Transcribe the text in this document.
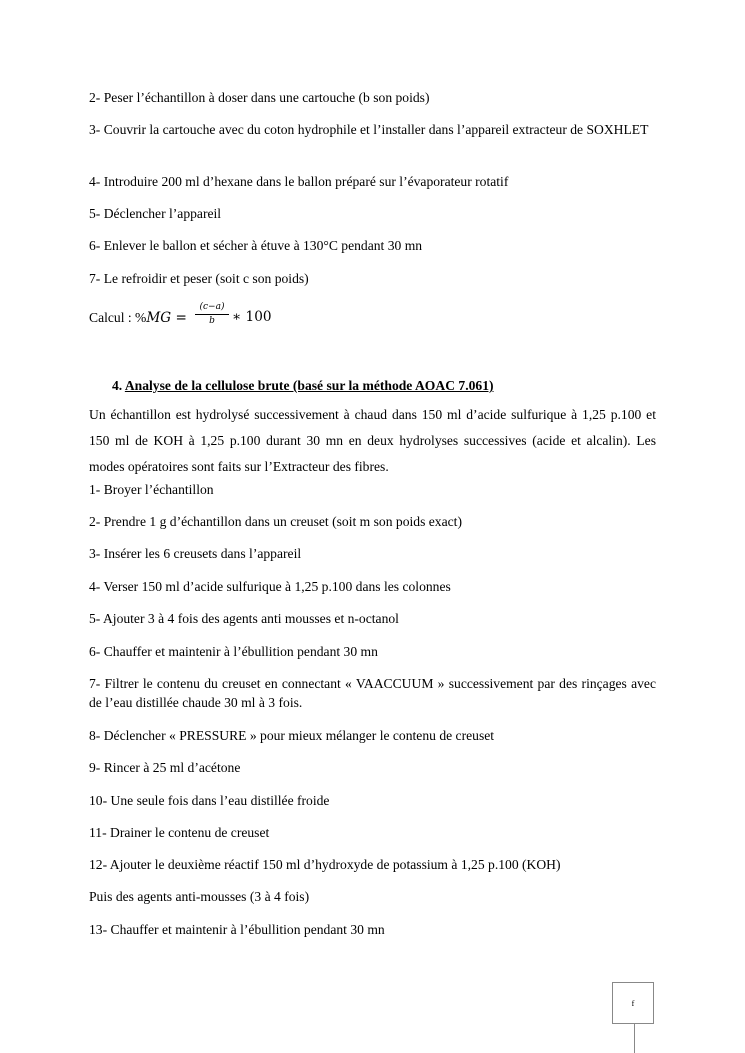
2- Peser l’échantillon à doser dans une cartouche (b son poids)

3- Couvrir la cartouche avec du coton hydrophile et l’installer dans l’appareil extracteur de SOXHLET

4- Introduire 200 ml d’hexane dans le ballon préparé sur l’évaporateur rotatif

5- Déclencher l’appareil

6- Enlever le ballon et sécher à étuve à 130°C pendant 30 mn

7- Le refroidir et peser (soit c son poids)

Calcul : $\%MG = \frac{(c-a)}{b}$ ∗ 100
4. Analyse de la cellulose brute (basé sur la méthode AOAC 7.061)

Un échantillon est hydrolysé successivement à chaud dans 150 ml d’acide sulfurique à 1,25 p.100 et 150 ml de KOH à 1,25 p.100 durant 30 mn en deux hydrolyses successives (acide et alcalin). Les modes opératoires sont faits sur l’Extracteur des fibres.

1- Broyer l’échantillon

2- Prendre 1 g d’échantillon dans un creuset (soit m son poids exact)

3- Insérer les 6 creusets dans l’appareil

4- Verser 150 ml d’acide sulfurique à 1,25 p.100 dans les colonnes

5- Ajouter 3 à 4 fois des agents anti mousses et n-octanol

6- Chauffer et maintenir à l’ébullition pendant 30 mn

7- Filtrer le contenu du creuset en connectant « VAACCUUM » successivement par des rinçages avec de l’eau distillée chaude 30 ml à 3 fois.

8- Déclencher « PRESSURE » pour mieux mélanger le contenu de creuset

9- Rincer à 25 ml d’acétone

10- Une seule fois dans l’eau distillée froide

11- Drainer le contenu de creuset

12- Ajouter le deuxième réactif 150 ml d’hydroxyde de potassium à 1,25 p.100 (KOH)

Puis des agents anti-mousses (3 à 4 fois)

13- Chauffer et maintenir à l’ébullition pendant 30 mn

f
